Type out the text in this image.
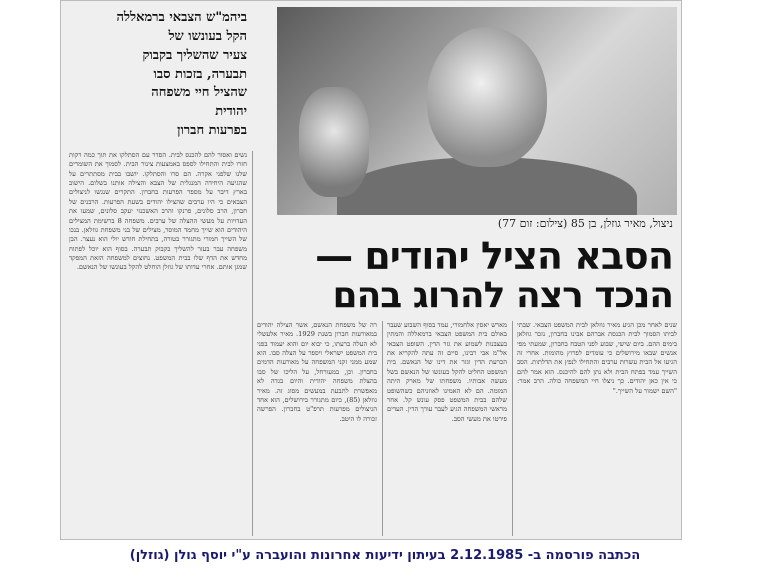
ביהמ"ש הצבאי ברמאללה
הקל בעונשו של
צעיר שהשליך בקבוק
תבערה, בזכות סבו
שהציל חיי משפחה
יהודית
בפרעות חברון
נשים ואסור להם להכנס לבית. הסדר עם הסתלקו את תוך כמה רקות חזרו לבית והתחילו לספס באמצעות צינור הבית. לסמוך את השומרים שלנו שלפני אקרה. הם סרו והסתלקו. יושבו בבית מסתתרים על שהגיעה היחידה המנגלית של הצבא והצילה אותנו בשלום. הישוב בארץ דיבר על מספר הפרעות בחברון. התקרים שנגשו לניצולים הצבאים כי היו ערבים שהצילו יהודים בשעת הפרעות. הרבנים של חברון, הרב סלונים, פרנקו והרב האשכנזי יעקב סלונים, שמעו את העדויות על מעשי ההצלה של ערבים. משפחה 8 ברשימת המצילים היהודים הוא שייך מחמד המוסר, מצילים של בני משפחת גוזלאן. בנכו של השייך חמורי מתגורר בטורה, בתחילת חודש יולי הוא נעצר. הבן משפחה עבר בעזר להשליך בקבוק תבערה. בסוף הוא יוכל לפתוח מחדש את הדף שלו בבית המשפט. נחוצים למשפחה הזאת המפקד שמגן אותם. אחרי עדותו של גוזלן הוחלט להקל בעונשו של הנאשם.
ניצול, מאיר גוזלן, בן 85 (צילום: זום 77)
הסבא הציל יהודים —
הנכד רצה להרוג בהם
רה של משפחת הנאשם, אשר הצילה יהודים במאורעות חברון בשנת 1929. מאיר אלעשלי לא העלה ברעתו, כי יבוא יום והוא יעמוד בפני בית המשפט ישראלי ויספר על הצלה סבו. הוא שמע ממני זקני המשפחה על מאורעות הדמים בחברון. וכן, במעורחל, על הליכו של סבו בהצלת משפחה יהודית והיום בגדה לא מאפשרת לתבעת במעשים מסוג זה. מאיר גוזלאן (85), כיום מתגורר בירושלים, הוא אחד הניצולים מפרעות תרפ"ט בחברון. הפרשה זכורה לו היטב.
מארש יאסין אלחמורי, עמד בסוף השבוע שעבר באולם בית המשפט הצבאי ברמאללה והמתין בעצבנות לשמוע את גזר הדין. השופט הצבאי אל"מ אבי רבינו, סיים זה עתה להקריא את הכרעת הדין וגזר את דינו של הנאשם. בית המשפט החליט להקל בעונשו של הנאשם בשל מעשה אבותיו. משפחתו של מארק היתה המומה. הם לא האמינו לאוזניהם כשהשופט שלהם בבית המשפט פסק עונש קל. אחר מראשי המשפחה הגיע לעבר עורך הדין. העדים פירטו את מעשי הסב.
שנים לאחר מכן הגיע מאיר גוזלאן לבית המשפט הצבאי. שבתי לביתו הסמוך לבית הכנסת אברהם אבינו בחברון, נזכר גוזלאן בימים ההם. ביום שישי, שבוע לפני הטבח בחברון, שמעתי מפי אנשים שבאו מירושלים כי עומדים לפרוץ מהומות. אחרי זה הגיעו אל הבית עשרות ערבים והתחילו לנפץ את הדלתות. הסב השייך עמד בפתח הבית ולא נתן להם להיכנס. הוא אמר להם כי אין כאן יהודים. כך ניצלו חיי המשפחה כולה. הרב אמר: "השם ישמור על השייך."
הכתבה פורסמה ב- 2.12.1985 בעיתון ידיעות אחרונות והועברה ע"י יוסף גולן (גוזלן)
